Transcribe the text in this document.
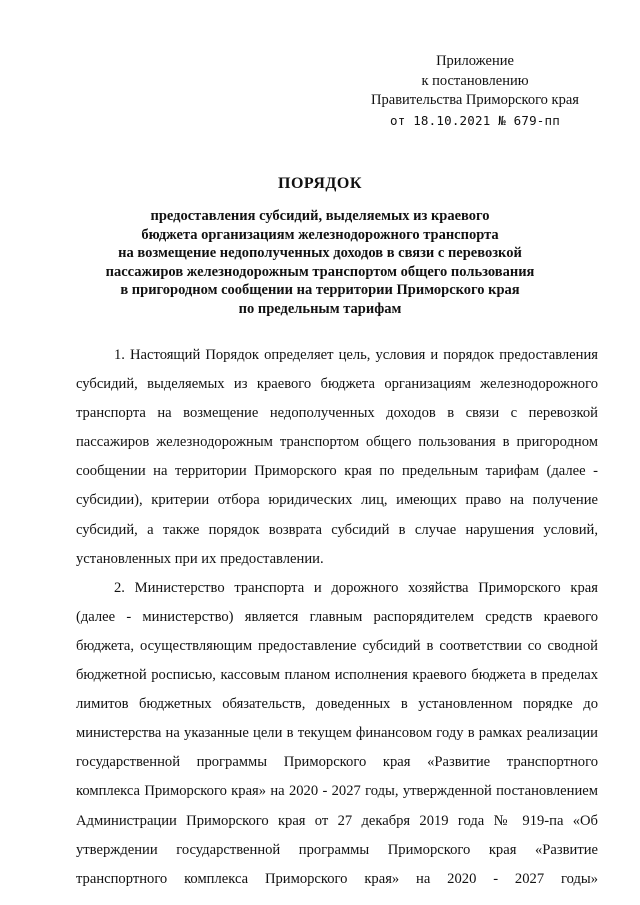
Приложение
к постановлению
Правительства Приморского края
от 18.10.2021 № 679-пп
ПОРЯДОК
предоставления субсидий, выделяемых из краевого
бюджета организациям железнодорожного транспорта
на возмещение недополученных доходов в связи с перевозкой
пассажиров железнодорожным транспортом общего пользования
в пригородном сообщении на территории Приморского края
по предельным тарифам

1. Настоящий Порядок определяет цель, условия и порядок предоставления субсидий, выделяемых из краевого бюджета организациям железнодорожного транспорта на возмещение недополученных доходов в связи с перевозкой пассажиров железнодорожным транспортом общего пользования в пригородном сообщении на территории Приморского края по предельным тарифам (далее - субсидии), критерии отбора юридических лиц, имеющих право на получение субсидий, а также порядок возврата субсидий в случае нарушения условий, установленных при их предоставлении.

2. Министерство транспорта и дорожного хозяйства Приморского края (далее - министерство) является главным распорядителем средств краевого бюджета, осуществляющим предоставление субсидий в соответствии со сводной бюджетной росписью, кассовым планом исполнения краевого бюджета в пределах лимитов бюджетных обязательств, доведенных в установленном порядке до министерства на указанные цели в текущем финансовом году в рамках реализации государственной программы Приморского края «Развитие транспортного комплекса Приморского края» на 2020 - 2027 годы, утвержденной постановлением Администрации Приморского края от 27 декабря 2019 года № 919-па «Об утверждении государственной программы Приморского края «Развитие транспортного комплекса Приморского края» на 2020 - 2027 годы»
